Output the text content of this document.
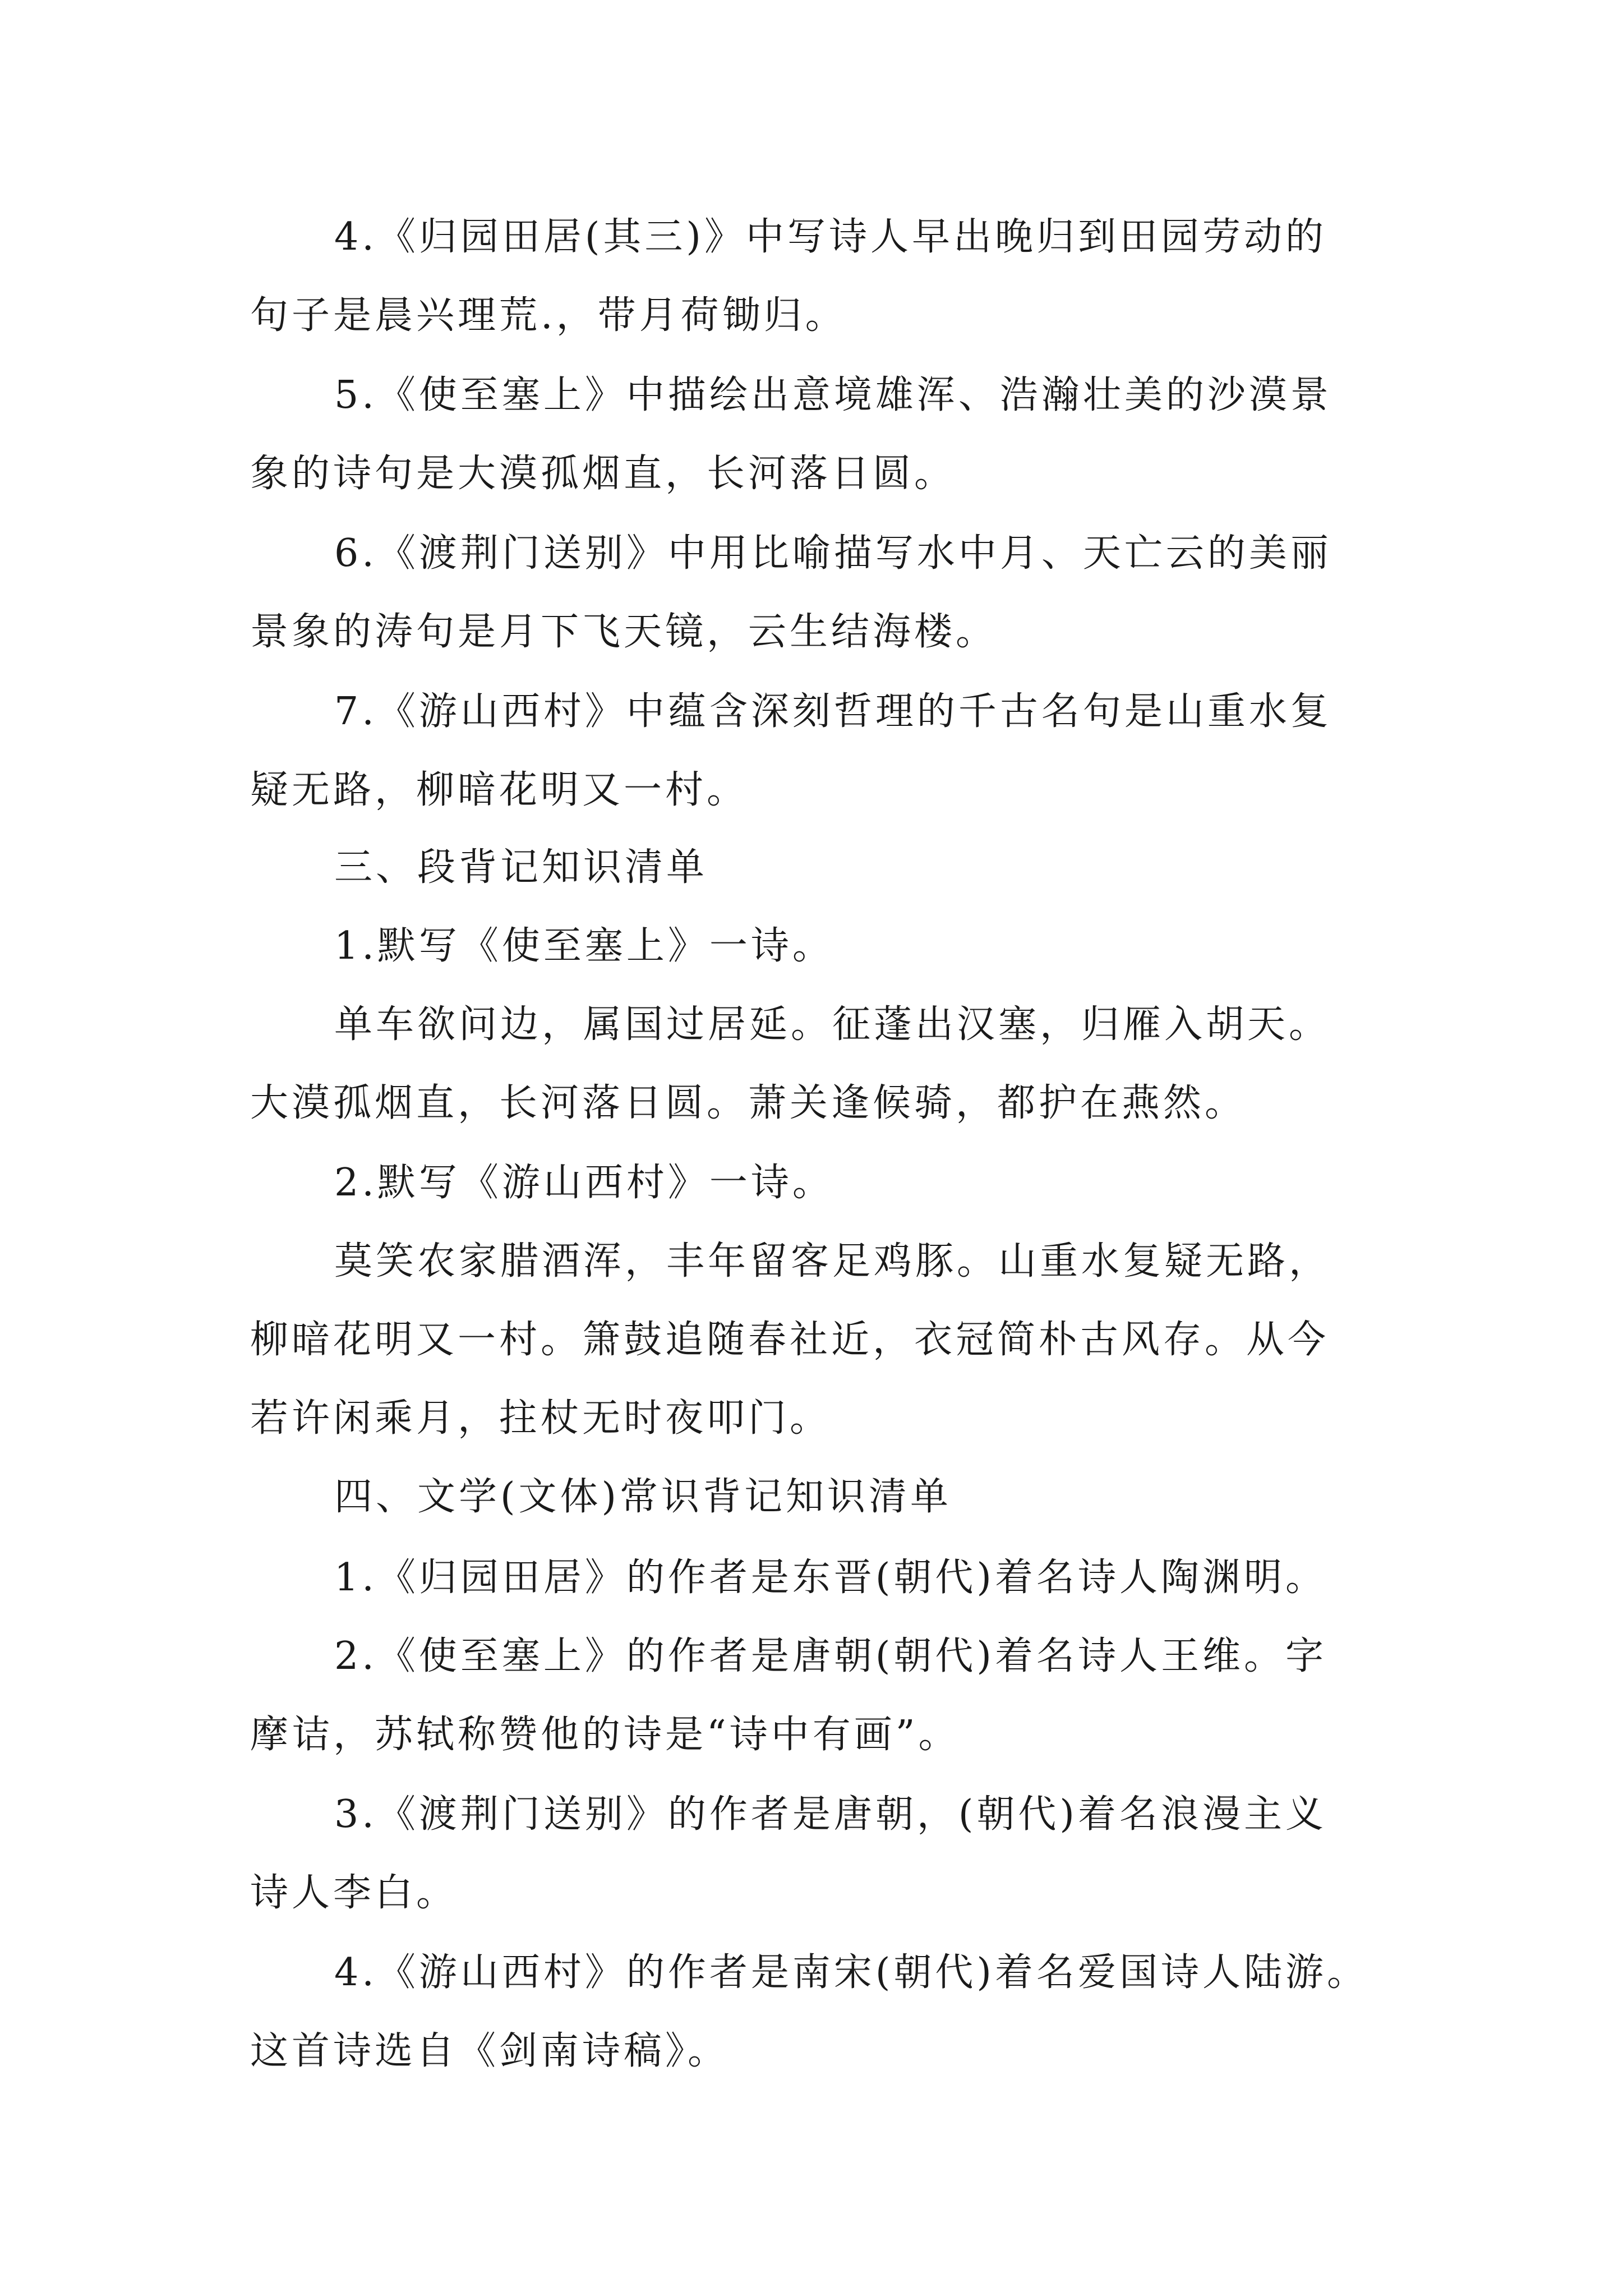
4.《归园田居(其三)》中写诗人早出晚归到田园劳动的
句子是晨兴理荒.，带月荷锄归。
5.《使至塞上》中描绘出意境雄浑、浩瀚壮美的沙漠景
象的诗句是大漠孤烟直，长河落日圆。
6.《渡荆门送别》中用比喻描写水中月、天亡云的美丽
景象的涛句是月下飞天镜，云生结海楼。
7.《游山西村》中蕴含深刻哲理的千古名句是山重水复
疑无路，柳暗花明又一村。
三、段背记知识清单
1.默写《使至塞上》一诗。
单车欲问边，属国过居延。征蓬出汉塞，归雁入胡天。
大漠孤烟直，长河落日圆。萧关逢候骑，都护在燕然。
2.默写《游山西村》一诗。
莫笑农家腊酒浑，丰年留客足鸡豚。山重水复疑无路，
柳暗花明又一村。箫鼓追随春社近，衣冠简朴古风存。从今
若许闲乘月，拄杖无时夜叩门。
四、文学(文体)常识背记知识清单
1.《归园田居》的作者是东晋(朝代)着名诗人陶渊明。
2.《使至塞上》的作者是唐朝(朝代)着名诗人王维。字
摩诘，苏轼称赞他的诗是“诗中有画”。
3.《渡荆门送别》的作者是唐朝，(朝代)着名浪漫主义
诗人李白。
4.《游山西村》的作者是南宋(朝代)着名爱国诗人陆游。
这首诗选自《剑南诗稿》。
